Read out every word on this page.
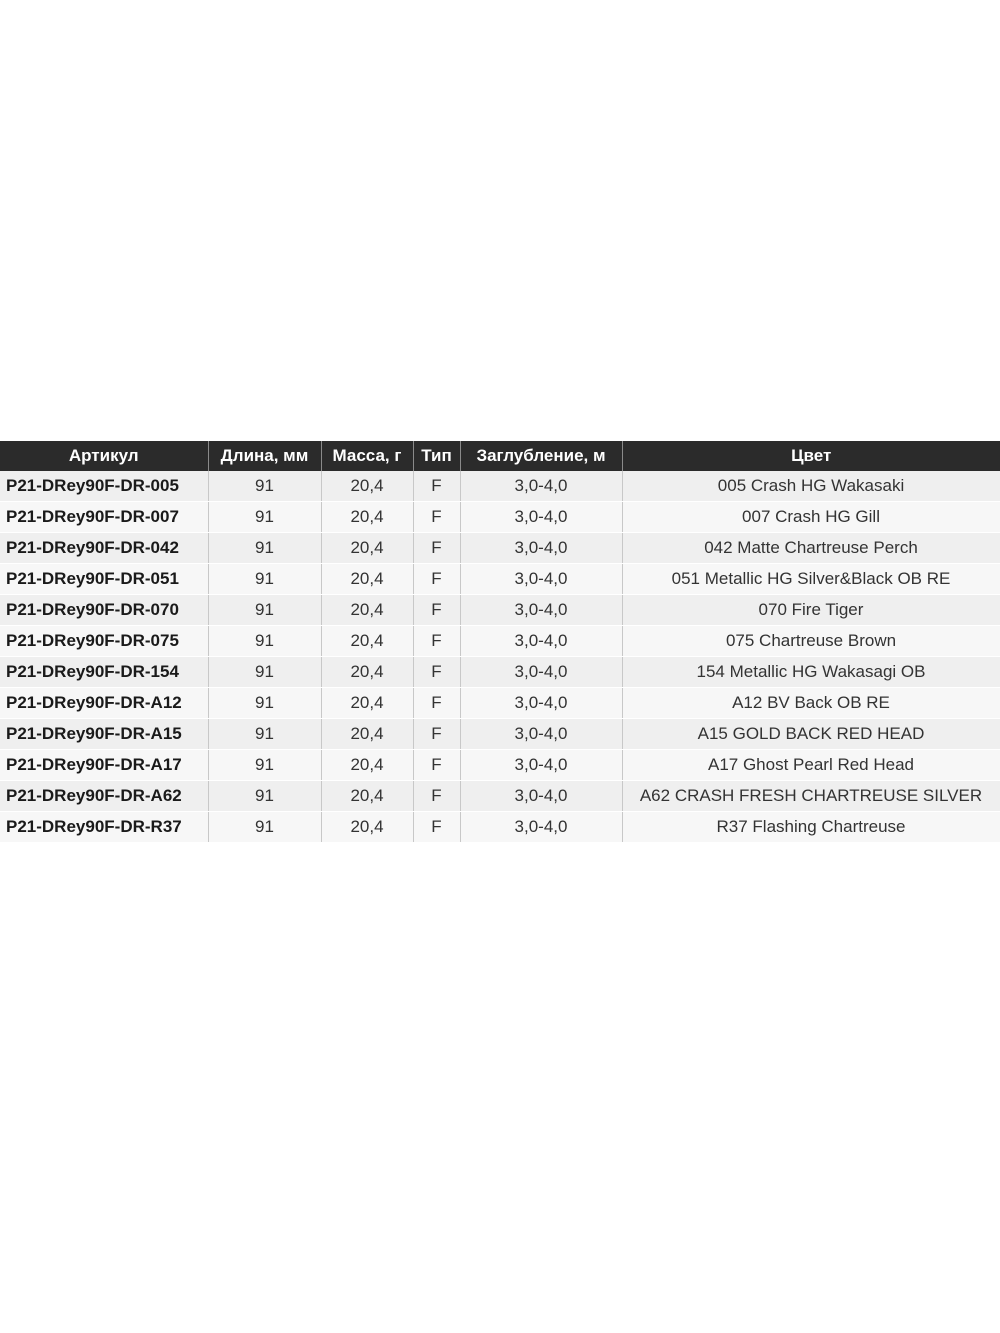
Артикул	Длина, мм	Масса, г	Тип	Заглубление, м	Цвет
P21-DRey90F-DR-005	91	20,4	F	3,0-4,0	005 Crash HG Wakasaki
P21-DRey90F-DR-007	91	20,4	F	3,0-4,0	007 Crash HG Gill
P21-DRey90F-DR-042	91	20,4	F	3,0-4,0	042 Matte Chartreuse Perch
P21-DRey90F-DR-051	91	20,4	F	3,0-4,0	051 Metallic HG Silver&Black OB RE
P21-DRey90F-DR-070	91	20,4	F	3,0-4,0	070 Fire Tiger
P21-DRey90F-DR-075	91	20,4	F	3,0-4,0	075 Chartreuse Brown
P21-DRey90F-DR-154	91	20,4	F	3,0-4,0	154 Metallic HG Wakasagi OB
P21-DRey90F-DR-A12	91	20,4	F	3,0-4,0	A12 BV Back OB RE
P21-DRey90F-DR-A15	91	20,4	F	3,0-4,0	A15 GOLD BACK RED HEAD
P21-DRey90F-DR-A17	91	20,4	F	3,0-4,0	A17 Ghost Pearl Red Head
P21-DRey90F-DR-A62	91	20,4	F	3,0-4,0	A62 CRASH FRESH CHARTREUSE SILVER
P21-DRey90F-DR-R37	91	20,4	F	3,0-4,0	R37 Flashing Chartreuse
